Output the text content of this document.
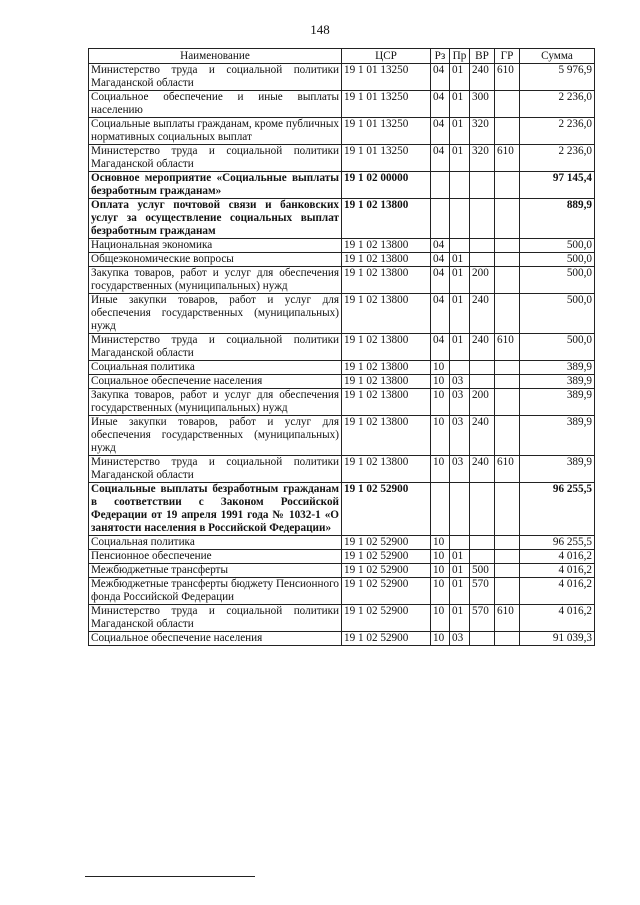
148
Наименование	ЦСР	Рз	Пр	ВР	ГР	Сумма
Министерство труда и социальной политики Магаданской области	19 1 01 13250	04	01	240	610	5 976,9
Социальное обеспечение и иные выплаты населению	19 1 01 13250	04	01	300		2 236,0
Социальные выплаты гражданам, кроме публичных нормативных социальных выплат	19 1 01 13250	04	01	320		2 236,0
Министерство труда и социальной политики Магаданской области	19 1 01 13250	04	01	320	610	2 236,0
Основное мероприятие «Социальные выплаты безработным гражданам»	19 1 02 00000					97 145,4
Оплата услуг почтовой связи и банковских услуг за осуществление социальных выплат безработным гражданам	19 1 02 13800					889,9
Национальная экономика	19 1 02 13800	04				500,0
Общеэкономические вопросы	19 1 02 13800	04	01			500,0
Закупка товаров, работ и услуг для обеспечения государственных (муниципальных) нужд	19 1 02 13800	04	01	200		500,0
Иные закупки товаров, работ и услуг для обеспечения государственных (муниципальных) нужд	19 1 02 13800	04	01	240		500,0
Министерство труда и социальной политики Магаданской области	19 1 02 13800	04	01	240	610	500,0
Социальная политика	19 1 02 13800	10				389,9
Социальное обеспечение населения	19 1 02 13800	10	03			389,9
Закупка товаров, работ и услуг для обеспечения государственных (муниципальных) нужд	19 1 02 13800	10	03	200		389,9
Иные закупки товаров, работ и услуг для обеспечения государственных (муниципальных) нужд	19 1 02 13800	10	03	240		389,9
Министерство труда и социальной политики Магаданской области	19 1 02 13800	10	03	240	610	389,9
Социальные выплаты безработным гражданам в соответствии с Законом Российской Федерации от 19 апреля 1991 года № 1032-1 «О занятости населения в Российской Федерации»	19 1 02 52900					96 255,5
Социальная политика	19 1 02 52900	10				96 255,5
Пенсионное обеспечение	19 1 02 52900	10	01			4 016,2
Межбюджетные трансферты	19 1 02 52900	10	01	500		4 016,2
Межбюджетные трансферты бюджету Пенсионного фонда Российской Федерации	19 1 02 52900	10	01	570		4 016,2
Министерство труда и социальной политики Магаданской области	19 1 02 52900	10	01	570	610	4 016,2
Социальное обеспечение населения	19 1 02 52900	10	03			91 039,3
